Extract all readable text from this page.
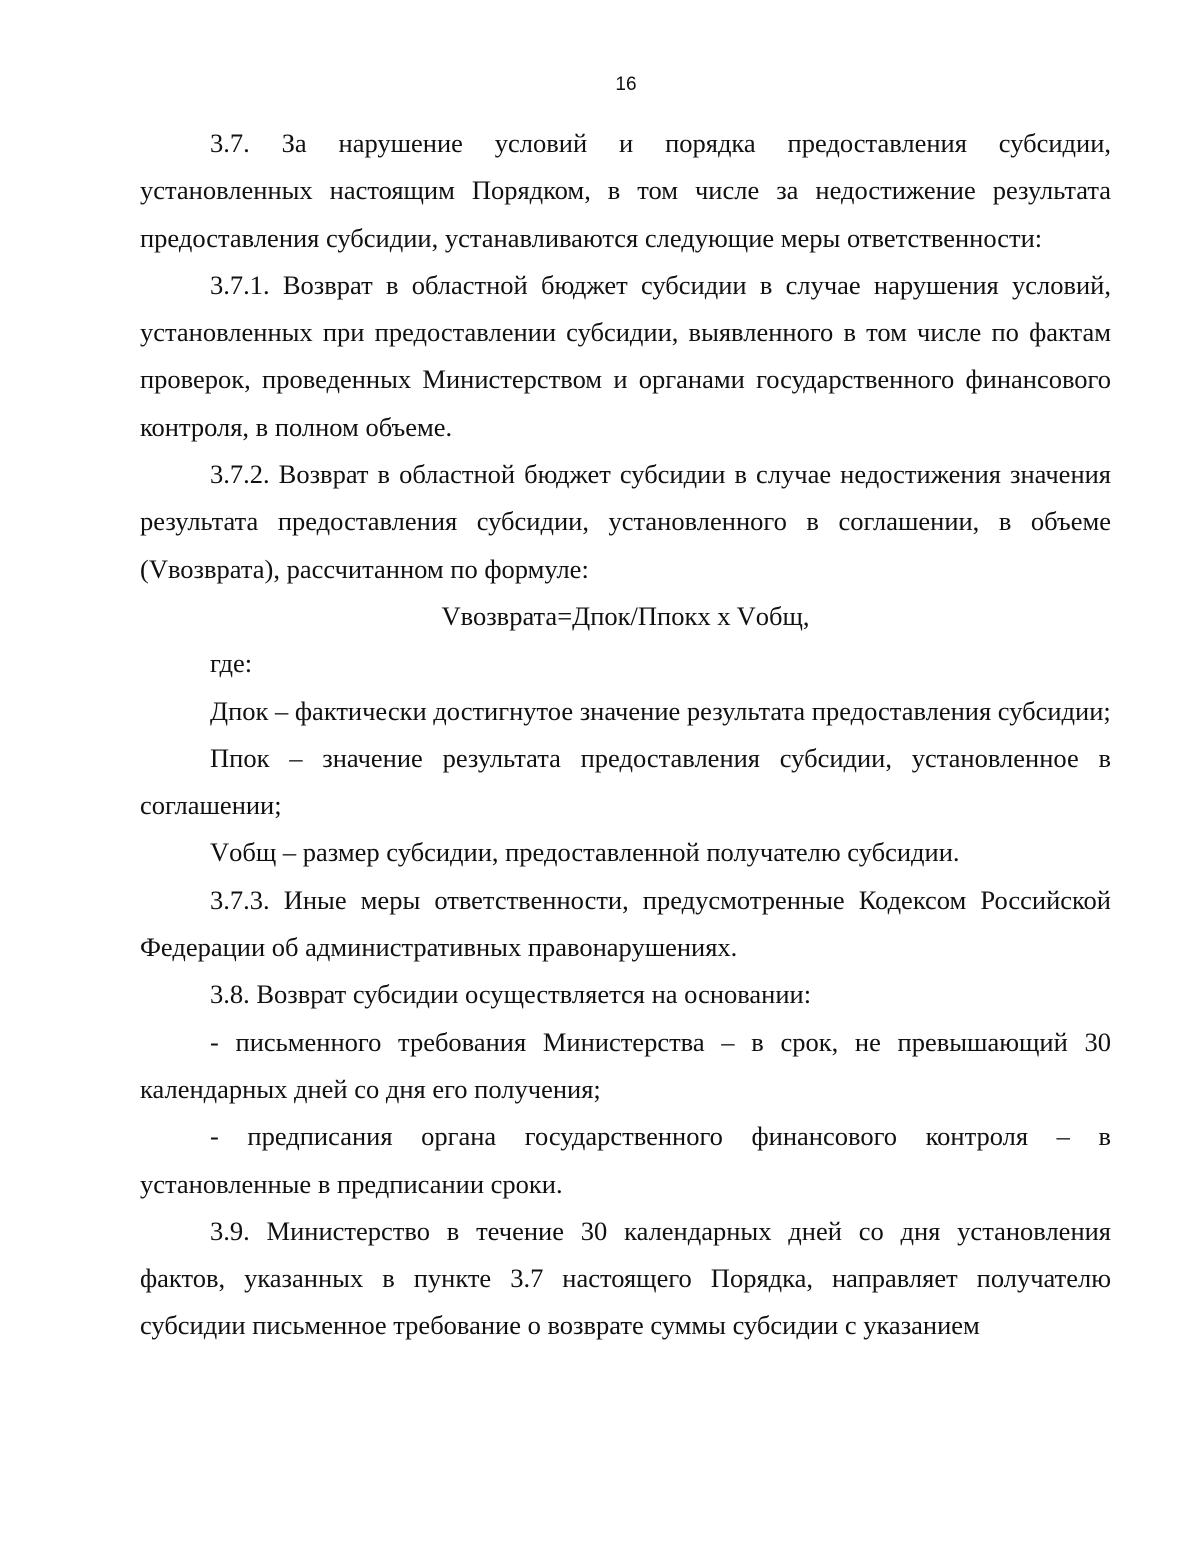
16

3.7. За нарушение условий и порядка предоставления субсидии, установленных настоящим Порядком, в том числе за недостижение результата предоставления субсидии, устанавливаются следующие меры ответственности:

3.7.1. Возврат в областной бюджет субсидии в случае нарушения условий, установленных при предоставлении субсидии, выявленного в том числе по фактам проверок, проведенных Министерством и органами государственного финансового контроля, в полном объеме.

3.7.2. Возврат в областной бюджет субсидии в случае недостижения значения результата предоставления субсидии, установленного в соглашении, в объеме (Vвозврата), рассчитанном по формуле:

Vвозврата=Дпок/Ппокх x Vобщ,

где:

Дпок – фактически достигнутое значение результата предоставления субсидии;

Ппок – значение результата предоставления субсидии, установленное в соглашении;

Vобщ – размер субсидии, предоставленной получателю субсидии.

3.7.3. Иные меры ответственности, предусмотренные Кодексом Российской Федерации об административных правонарушениях.

3.8. Возврат субсидии осуществляется на основании:

- письменного требования Министерства – в срок, не превышающий 30 календарных дней со дня его получения;

- предписания органа государственного финансового контроля – в установленные в предписании сроки.

3.9. Министерство в течение 30 календарных дней со дня установления фактов, указанных в пункте 3.7 настоящего Порядка, направляет получателю субсидии письменное требование о возврате суммы субсидии с указанием
